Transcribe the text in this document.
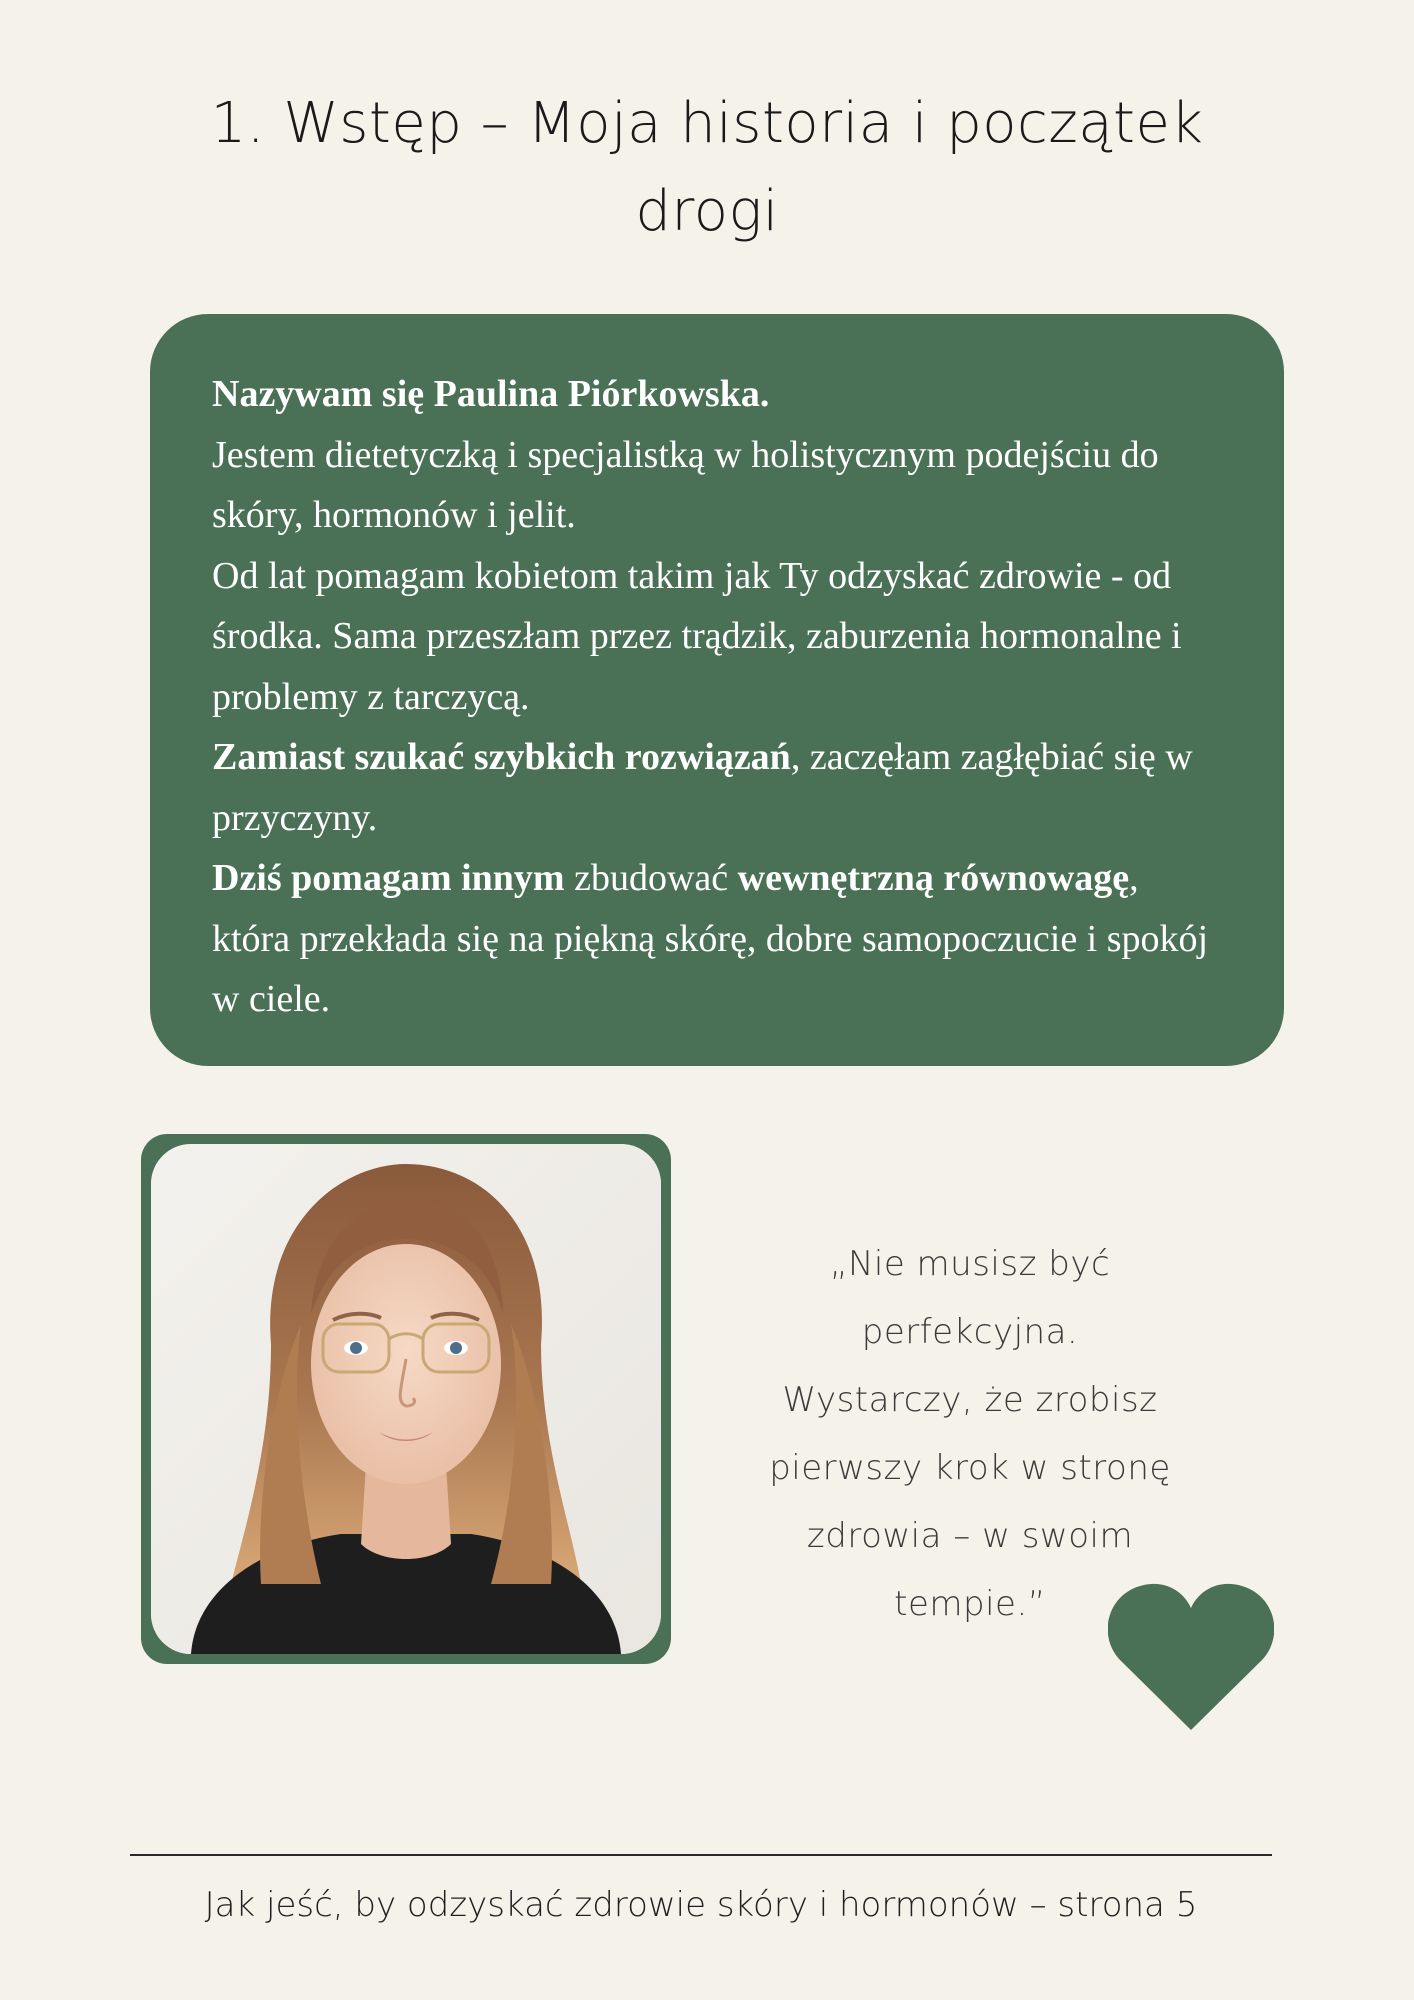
1. Wstęp – Moja historia i początek
drogi

Nazywam się Paulina Piórkowska.

Jestem dietetyczką i specjalistką w holistycznym podejściu do skóry, hormonów i jelit.

Od lat pomagam kobietom takim jak Ty odzyskać zdrowie - od środka. Sama przeszłam przez trądzik, zaburzenia hormonalne i problemy z tarczycą.

Zamiast szukać szybkich rozwiązań, zaczęłam zagłębiać się w przyczyny.

Dziś pomagam innym zbudować wewnętrzną równowagę, która przekłada się na piękną skórę, dobre samopoczucie i spokój w ciele.

„Nie musisz być
perfekcyjna.
Wystarczy, że zrobisz
pierwszy krok w stronę
zdrowia – w swoim
tempie.”
Jak jeść, by odzyskać zdrowie skóry i hormonów – strona 5
